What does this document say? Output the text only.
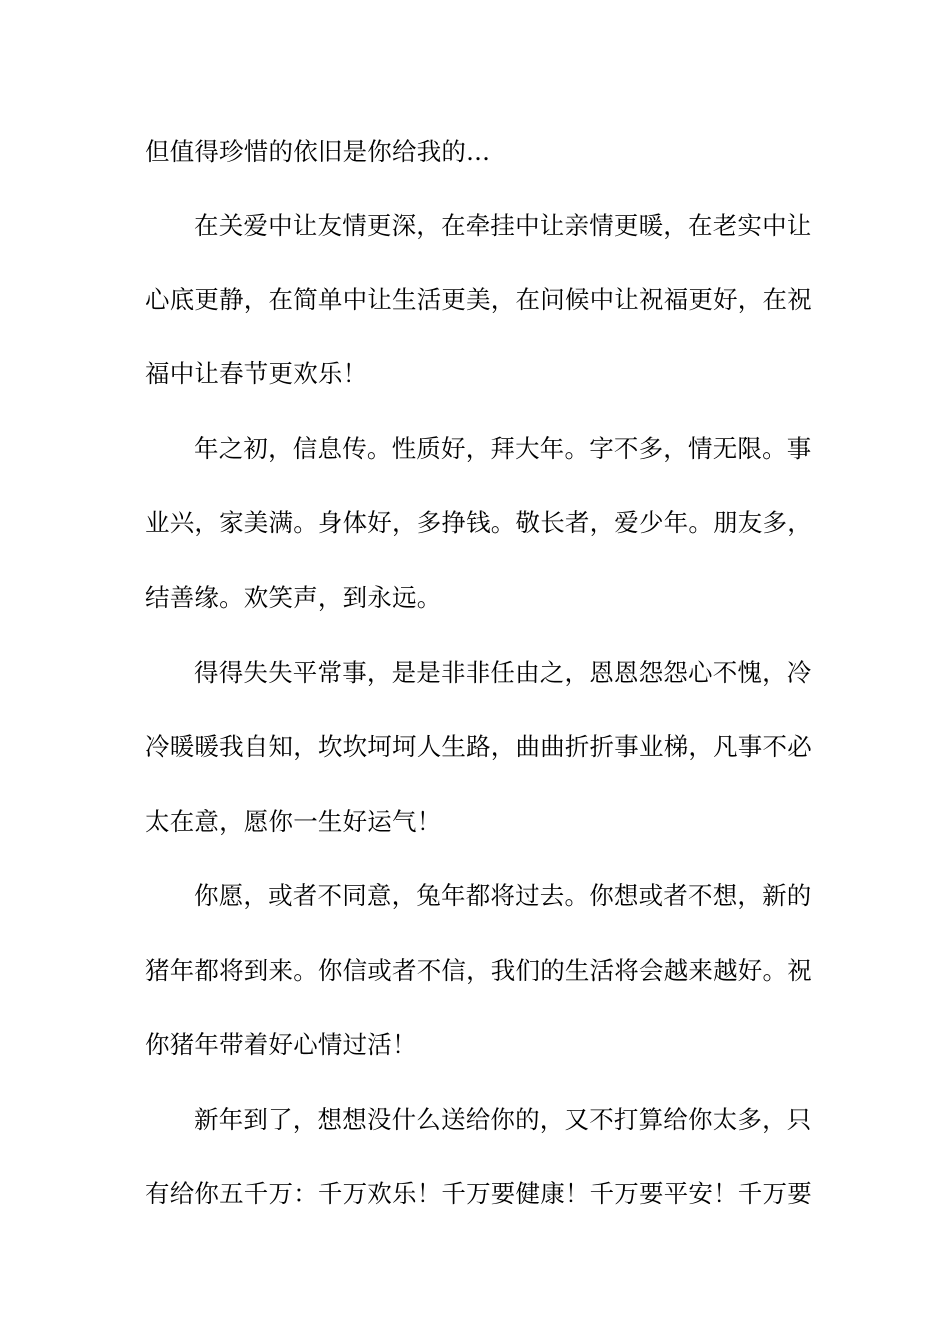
但值得珍惜的依旧是你给我的...
在关爱中让友情更深，在牵挂中让亲情更暖，在老实中让
心底更静，在简单中让生活更美，在问候中让祝福更好，在祝
福中让春节更欢乐！
年之初，信息传。性质好，拜大年。字不多，情无限。事
业兴，家美满。身体好，多挣钱。敬长者，爱少年。朋友多，
结善缘。欢笑声，到永远。
得得失失平常事，是是非非任由之，恩恩怨怨心不愧，冷
冷暖暖我自知，坎坎坷坷人生路，曲曲折折事业梯，凡事不必
太在意，愿你一生好运气！
你愿，或者不同意，兔年都将过去。你想或者不想，新的
猪年都将到来。你信或者不信，我们的生活将会越来越好。祝
你猪年带着好心情过活！
新年到了，想想没什么送给你的，又不打算给你太多，只
有给你五千万：千万欢乐！千万要健康！千万要平安！千万要
